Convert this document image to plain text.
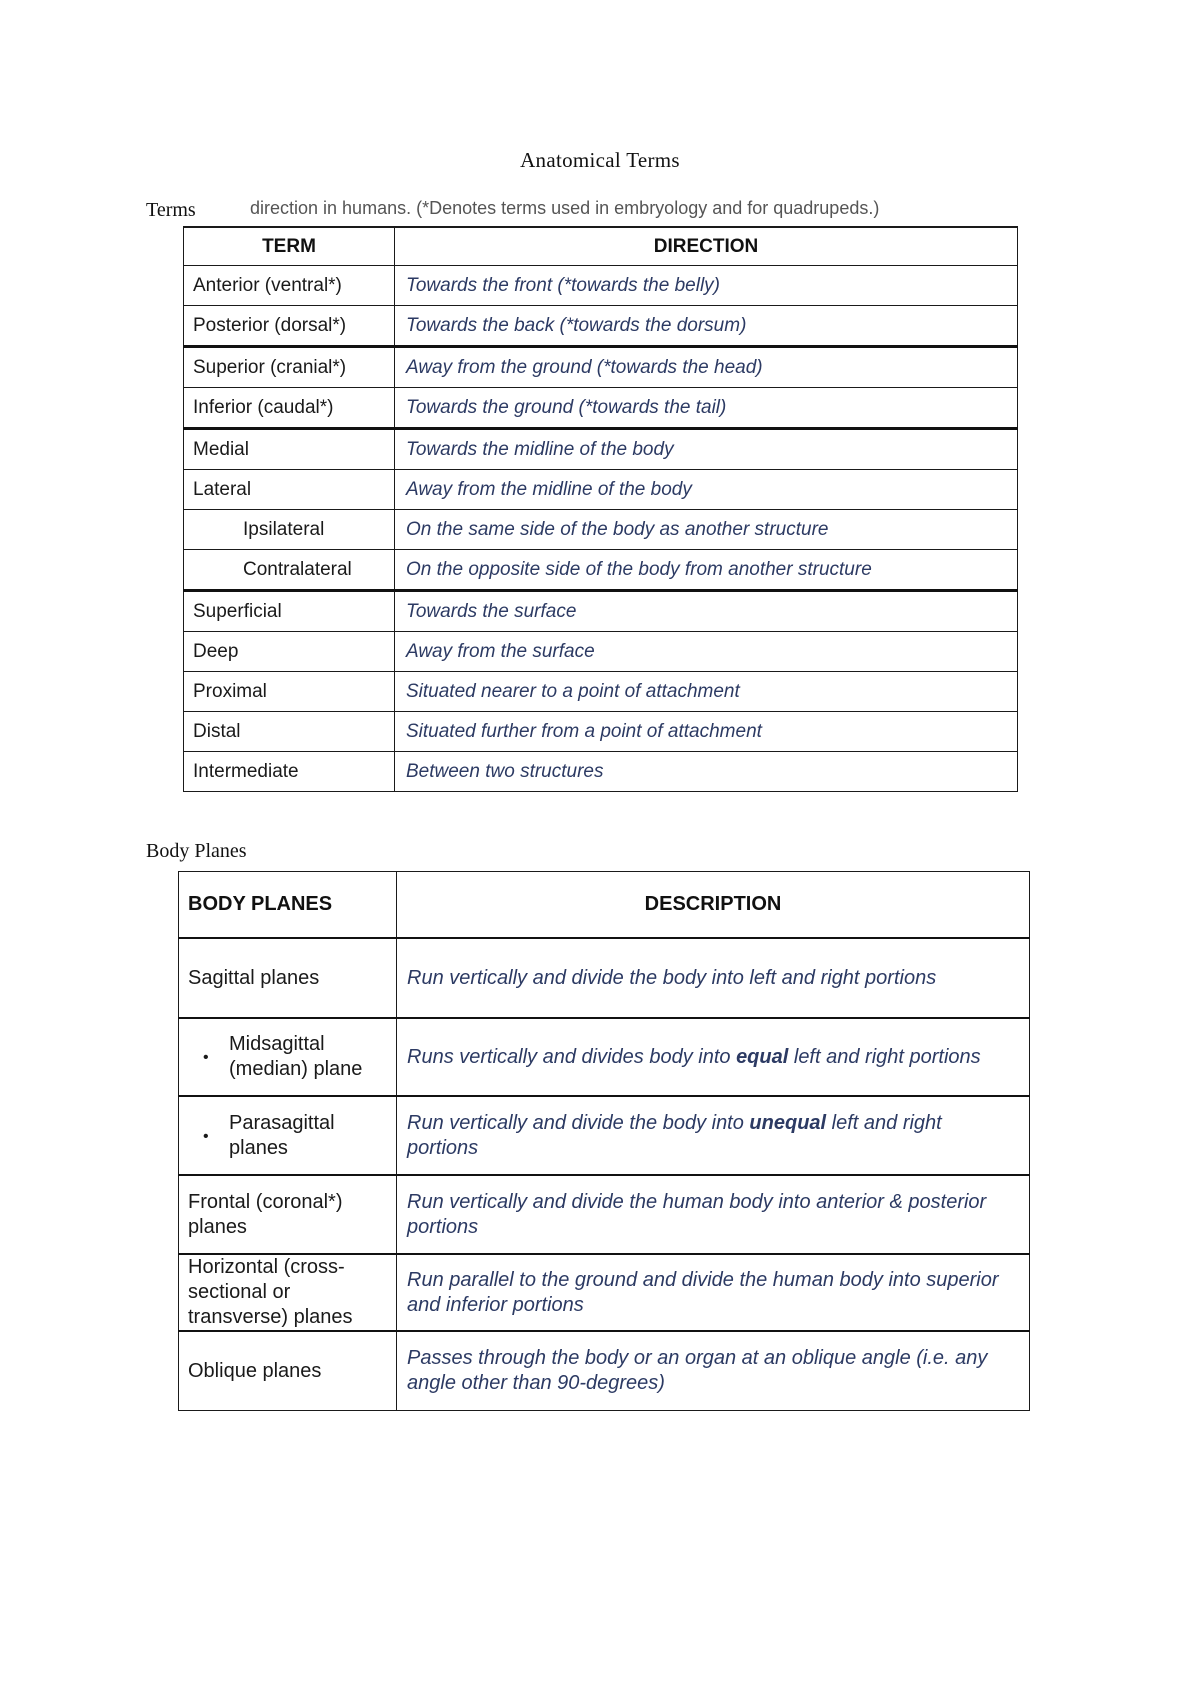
Anatomical Terms
Terms	direction in humans. (*Denotes terms used in embryology and for quadrupeds.)
TERM	DIRECTION
Anterior (ventral*)	Towards the front (*towards the belly)
Posterior (dorsal*)	Towards the back (*towards the dorsum)
Superior (cranial*)	Away from the ground (*towards the head)
Inferior (caudal*)	Towards the ground (*towards the tail)
Medial	Towards the midline of the body
Lateral	Away from the midline of the body
Ipsilateral	On the same side of the body as another structure
Contralateral	On the opposite side of the body from another structure
Superficial	Towards the surface
Deep	Away from the surface
Proximal	Situated nearer to a point of attachment
Distal	Situated further from a point of attachment
Intermediate	Between two structures
Body Planes
BODY PLANES	DESCRIPTION
Sagittal planes	Run vertically and divide the body into left and right portions

•
Midsagittal (median) plane	Runs vertically and divides body into equal left and right portions

•
Parasagittal planes	Run vertically and divide the body into unequal left and right portions
Frontal (coronal*) planes	Run vertically and divide the human body into anterior & posterior portions
Horizontal (cross-sectional or transverse) planes	Run parallel to the ground and divide the human body into superior and inferior portions
Oblique planes	Passes through the body or an organ at an oblique angle (i.e. any angle other than 90-degrees)
